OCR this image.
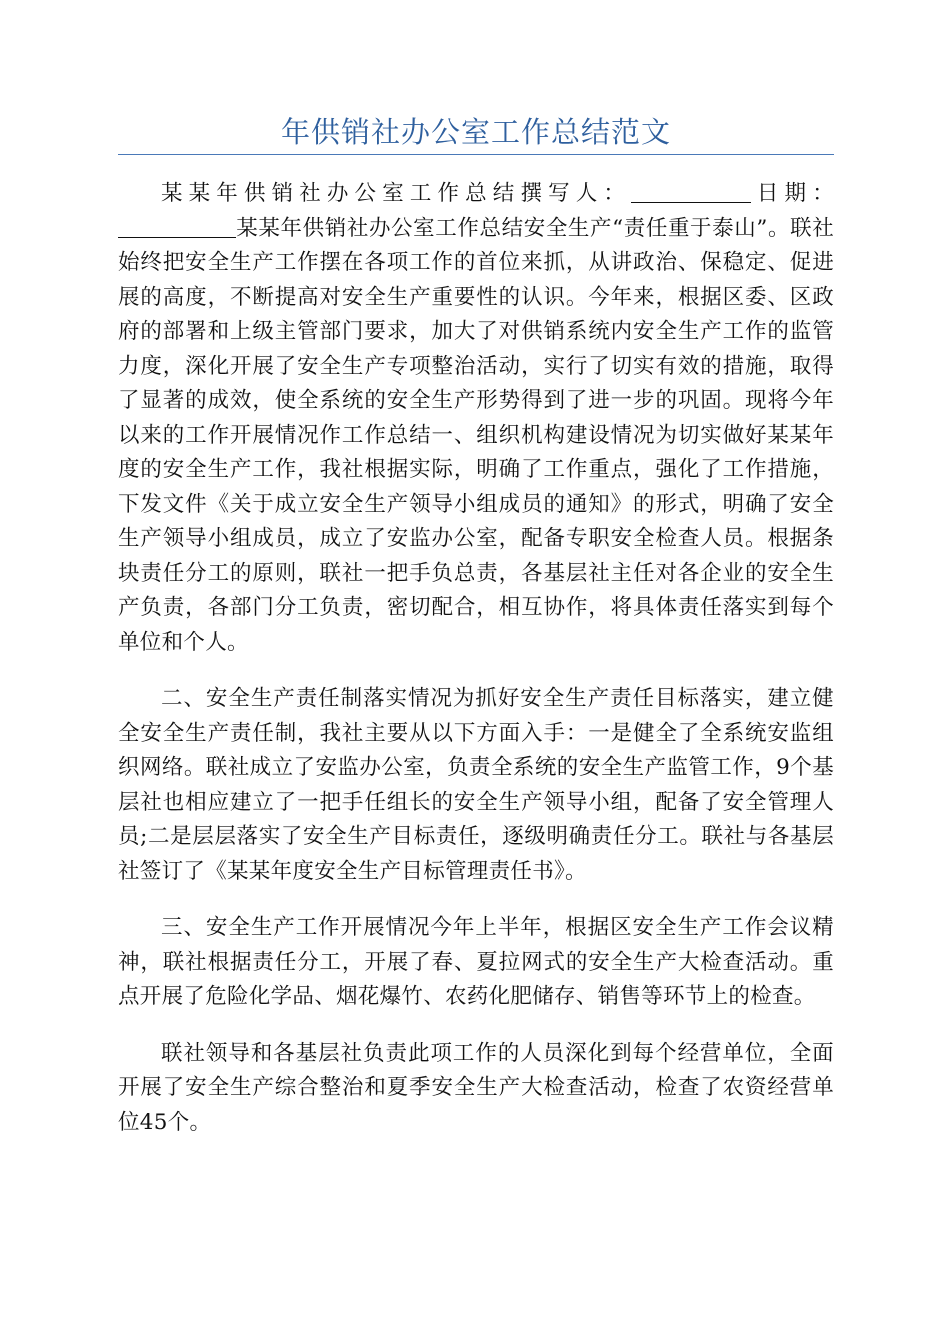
年供销社办公室工作总结范文

某某年供销社办公室工作总结撰写人：	日期：某某年供销社办公室工作总结安全生产“责任重于泰山”。联社始终把安全生产工作摆在各项工作的首位来抓，从讲政治、保稳定、促进展的高度，不断提高对安全生产重要性的认识。今年来，根据区委、区政府的部署和上级主管部门要求，加大了对供销系统内安全生产工作的监管力度，深化开展了安全生产专项整治活动，实行了切实有效的措施，取得了显著的成效，使全系统的安全生产形势得到了进一步的巩固。现将今年以来的工作开展情况作工作总结一、组织机构建设情况为切实做好某某年度的安全生产工作，我社根据实际，明确了工作重点，强化了工作措施，下发文件《关于成立安全生产领导小组成员的通知》的形式，明确了安全生产领导小组成员，成立了安监办公室，配备专职安全检查人员。根据条块责任分工的原则，联社一把手负总责，各基层社主任对各企业的安全生产负责，各部门分工负责，密切配合，相互协作，将具体责任落实到每个单位和个人。

二、安全生产责任制落实情况为抓好安全生产责任目标落实，建立健全安全生产责任制，我社主要从以下方面入手：一是健全了全系统安监组织网络。联社成立了安监办公室，负责全系统的安全生产监管工作，9个基层社也相应建立了一把手任组长的安全生产领导小组，配备了安全管理人员;二是层层落实了安全生产目标责任，逐级明确责任分工。联社与各基层社签订了《某某年度安全生产目标管理责任书》。

三、安全生产工作开展情况今年上半年，根据区安全生产工作会议精神，联社根据责任分工，开展了春、夏拉网式的安全生产大检查活动。重点开展了危险化学品、烟花爆竹、农药化肥储存、销售等环节上的检查。

联社领导和各基层社负责此项工作的人员深化到每个经营单位，全面开展了安全生产综合整治和夏季安全生产大检查活动，检查了农资经营单位45个。
